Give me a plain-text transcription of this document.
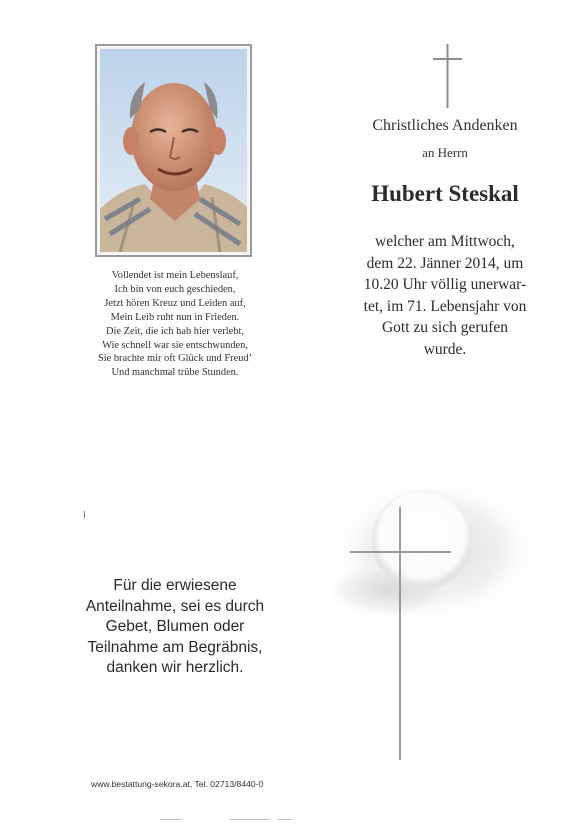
Vollendet ist mein Lebenslauf,
Ich bin von euch geschieden,
Jetzt hören Kreuz und Leiden auf,
Mein Leib ruht nun in Frieden.
Die Zeit, die ich hab hier verlebt,
Wie schnell war sie entschwunden,
Sie brachte mir oft Glück und Freud’
Und manchmal trübe Stunden.
Christliches Andenken
an Herrn
Hubert Steskal
welcher am Mittwoch,
dem 22. Jänner 2014, um
10.20 Uhr völlig unerwar-
tet, im 71. Lebensjahr von
Gott zu sich gerufen
wurde.
Für die erwiesene
Anteilnahme, sei es durch
Gebet, Blumen oder
Teilnahme am Begräbnis,
danken wir herzlich.
www.bestattung-sekora.at, Tel. 02713/8440-0
